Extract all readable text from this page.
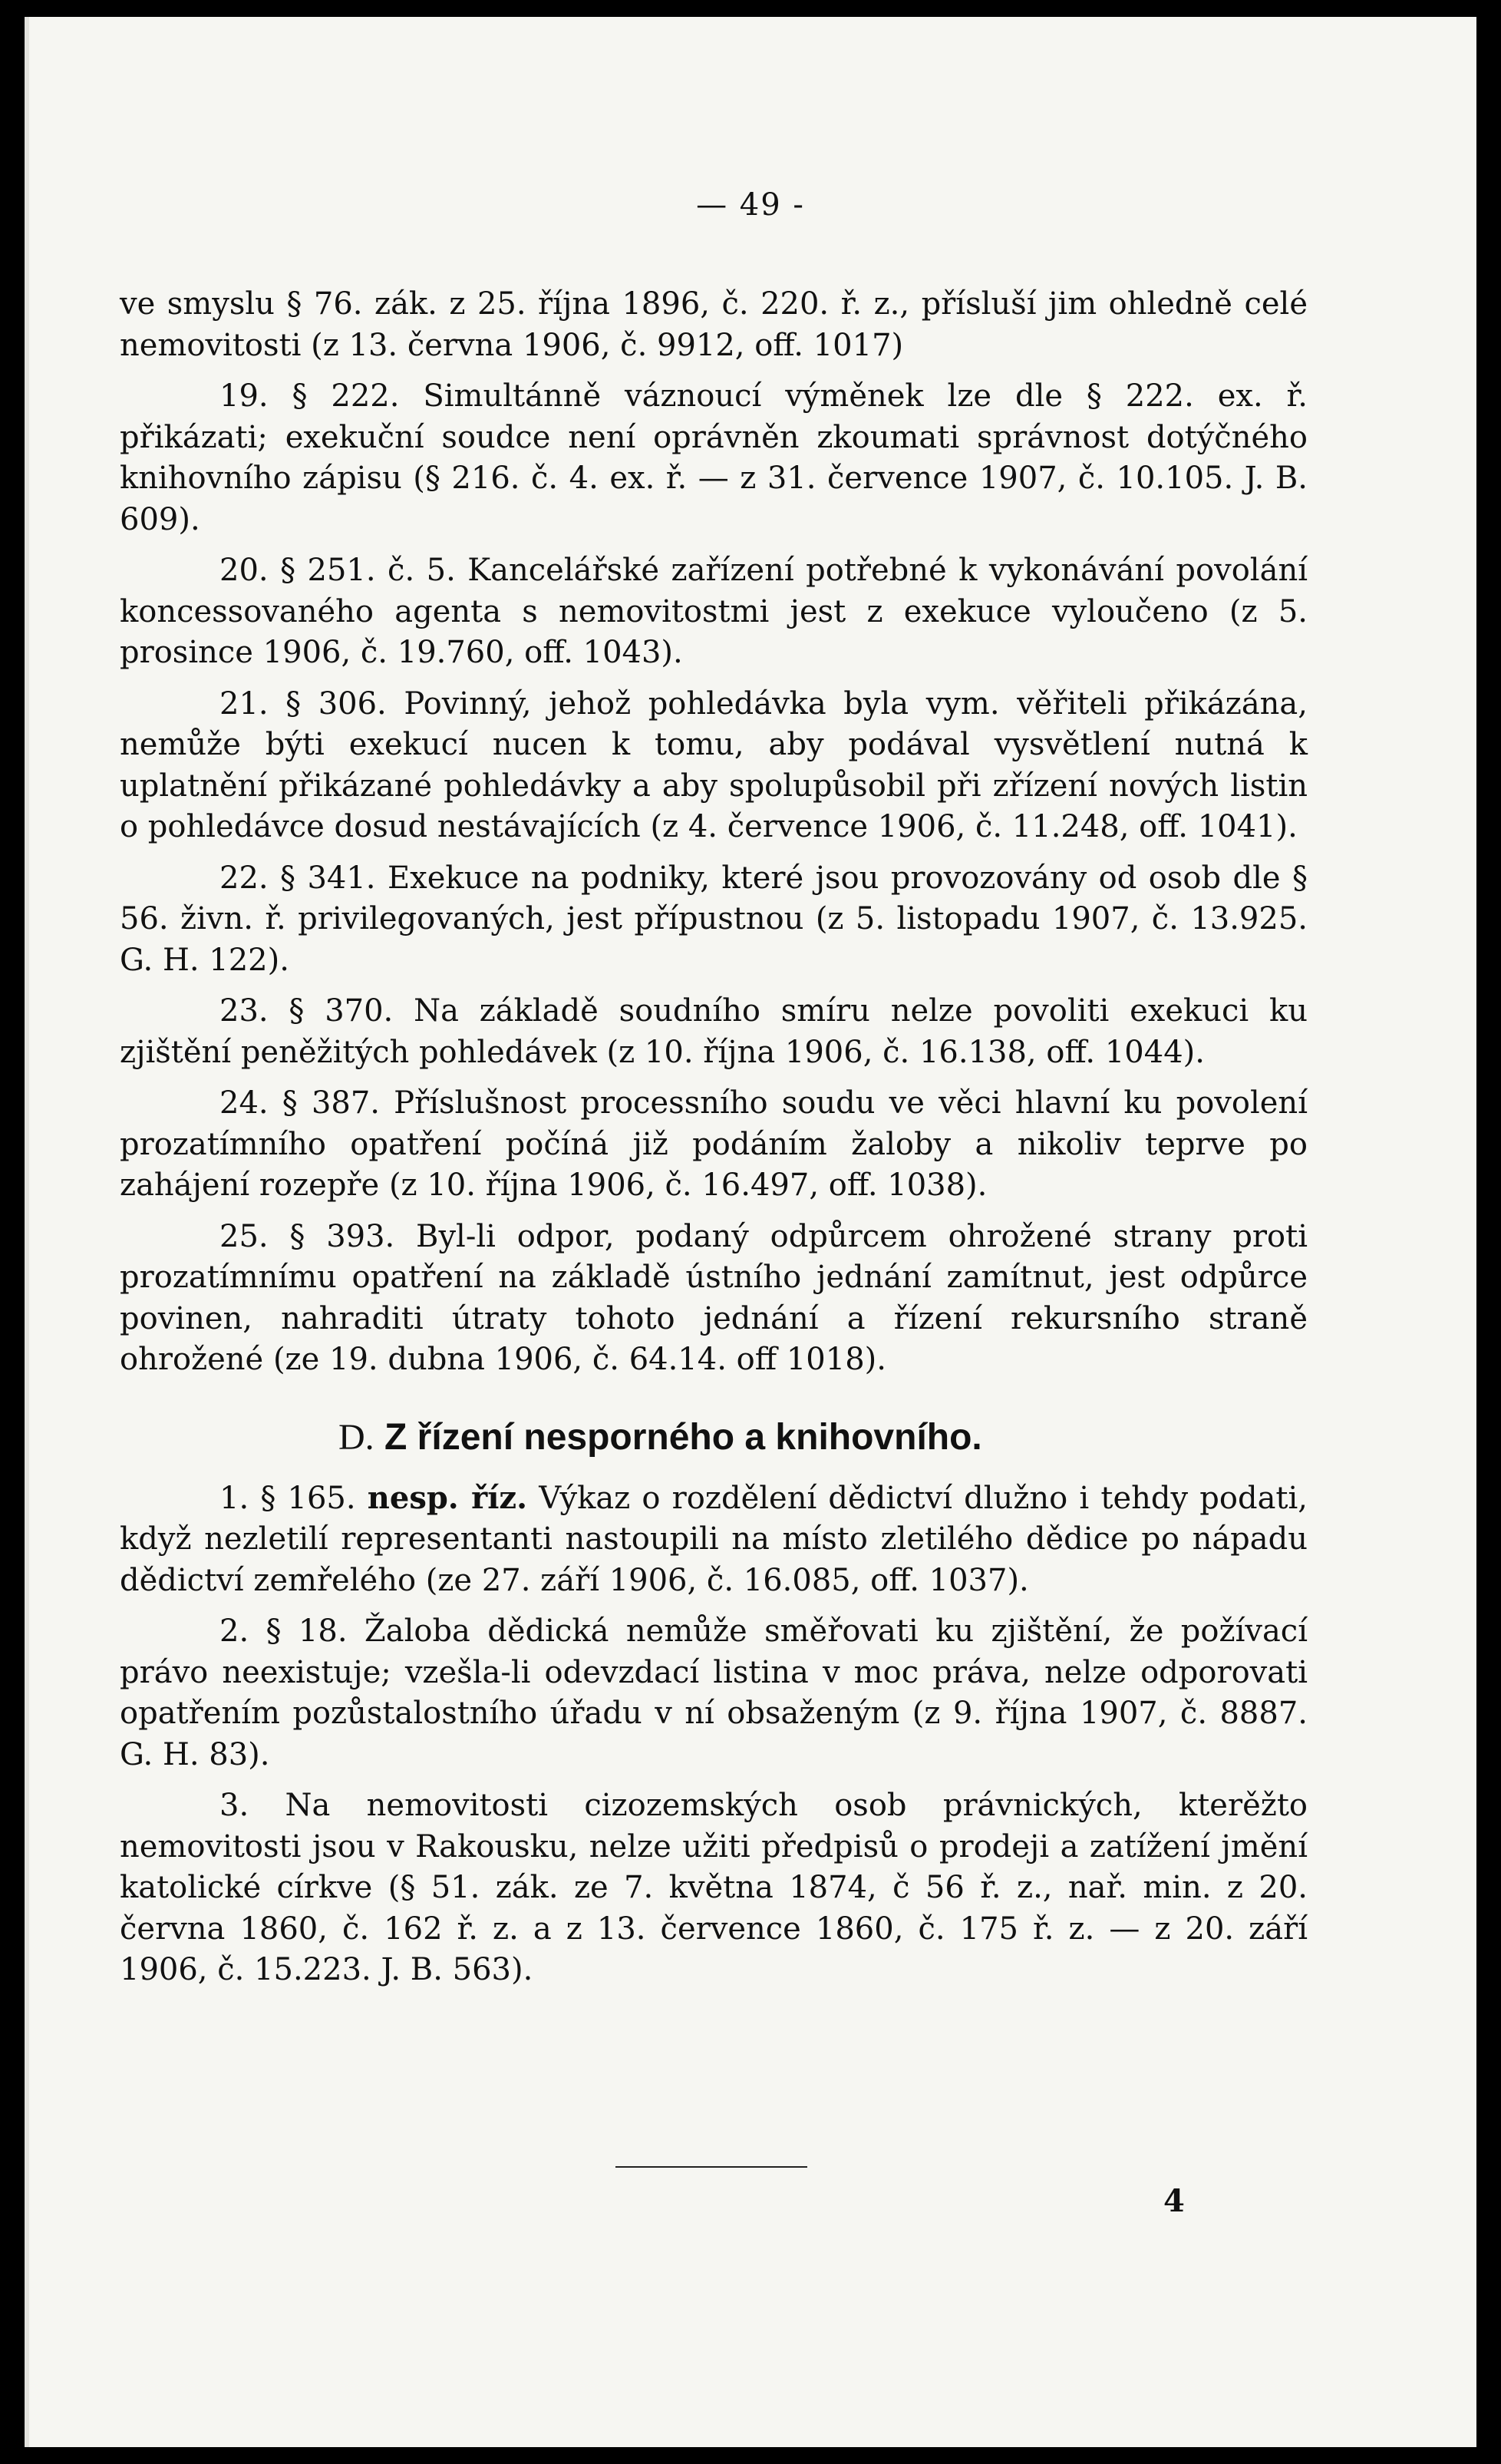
— 49 -

ve smyslu § 76. zák. z 25. října 1896, č. 220. ř. z., přísluší jim ohledně celé nemovitosti (z 13. června 1906, č. 9912, off. 1017)

19. § 222. Simultánně váznoucí výměnek lze dle § 222. ex. ř. přikázati; exekuční soudce není oprávněn zkoumati správnost dotýčného knihovního zápisu (§ 216. č. 4. ex. ř. — z 31. července 1907, č. 10.105. J. B. 609).

20. § 251. č. 5. Kancelářské zařízení potřebné k vykonávání povolání koncessovaného agenta s nemovitostmi jest z exekuce vyloučeno (z 5. prosince 1906, č. 19.760, off. 1043).

21. § 306. Povinný, jehož pohledávka byla vym. věřiteli přikázána, nemůže býti exekucí nucen k tomu, aby podával vysvětlení nutná k uplatnění přikázané pohledávky a aby spolupůsobil při zřízení nových listin o pohledávce dosud nestávajících (z 4. července 1906, č. 11.248, off. 1041).

22. § 341. Exekuce na podniky, které jsou provozovány od osob dle § 56. živn. ř. privilegovaných, jest přípustnou (z 5. listopadu 1907, č. 13.925. G. H. 122).

23. § 370. Na základě soudního smíru nelze povoliti exekuci ku zjištění peněžitých pohledávek (z 10. října 1906, č. 16.138, off. 1044).

24. § 387. Příslušnost processního soudu ve věci hlavní ku povolení prozatímního opatření počíná již podáním žaloby a nikoliv teprve po zahájení rozepře (z 10. října 1906, č. 16.497, off. 1038).

25. § 393. Byl-li odpor, podaný odpůrcem ohrožené strany proti prozatímnímu opatření na základě ústního jednání zamítnut, jest odpůrce povinen, nahraditi útraty tohoto jednání a řízení rekursního straně ohrožené (ze 19. dubna 1906, č. 64.14. off 1018).

D. Z řízení nesporného a knihovního.

1. § 165. nesp. říz. Výkaz o rozdělení dědictví dlužno i tehdy podati, když nezletilí representanti nastoupili na místo zletilého dědice po nápadu dědictví zemřelého (ze 27. září 1906, č. 16.085, off. 1037).

2. § 18. Žaloba dědická nemůže směřovati ku zjištění, že požívací právo neexistuje; vzešla-li odevzdací listina v moc práva, nelze odporovati opatřením pozůstalostního úřadu v ní obsaženým (z 9. října 1907, č. 8887. G. H. 83).

3. Na nemovitosti cizozemských osob právnických, kterěžto nemovitosti jsou v Rakousku, nelze užiti předpisů o prodeji a zatížení jmění katolické církve (§ 51. zák. ze 7. května 1874, č 56 ř. z., nař. min. z 20. června 1860, č. 162 ř. z. a z 13. července 1860, č. 175 ř. z. — z 20. září 1906, č. 15.223. J. B. 563).

4
